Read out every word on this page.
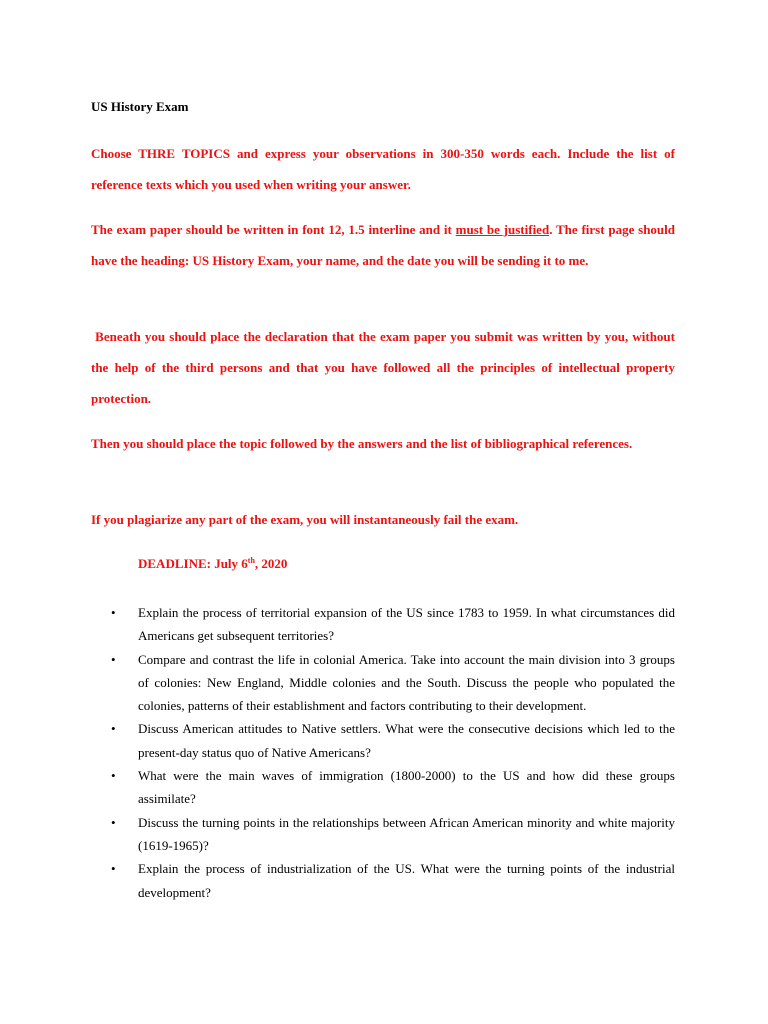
US History Exam

Choose THRE TOPICS and express your observations in 300-350 words each. Include the list of reference texts which you used when writing your answer.

The exam paper should be written in font 12, 1.5 interline and it must be justified. The first page should have the heading: US History Exam, your name, and the date you will be sending it to me.

Beneath you should place the declaration that the exam paper you submit was written by you, without the help of the third persons and that you have followed all the principles of intellectual property protection.

Then you should place the topic followed by the answers and the list of bibliographical references.

If you plagiarize any part of the exam, you will instantaneously fail the exam.

DEADLINE: July 6th, 2020

• Explain the process of territorial expansion of the US since 1783 to 1959. In what circumstances did Americans get subsequent territories?
• Compare and contrast the life in colonial America. Take into account the main division into 3 groups of colonies: New England, Middle colonies and the South. Discuss the people who populated the colonies, patterns of their establishment and factors contributing to their development.
• Discuss American attitudes to Native settlers. What were the consecutive decisions which led to the present-day status quo of Native Americans?
• What were the main waves of immigration (1800-2000) to the US and how did these groups assimilate?
• Discuss the turning points in the relationships between African American minority and white majority (1619-1965)?
• Explain the process of industrialization of the US. What were the turning points of the industrial development?
